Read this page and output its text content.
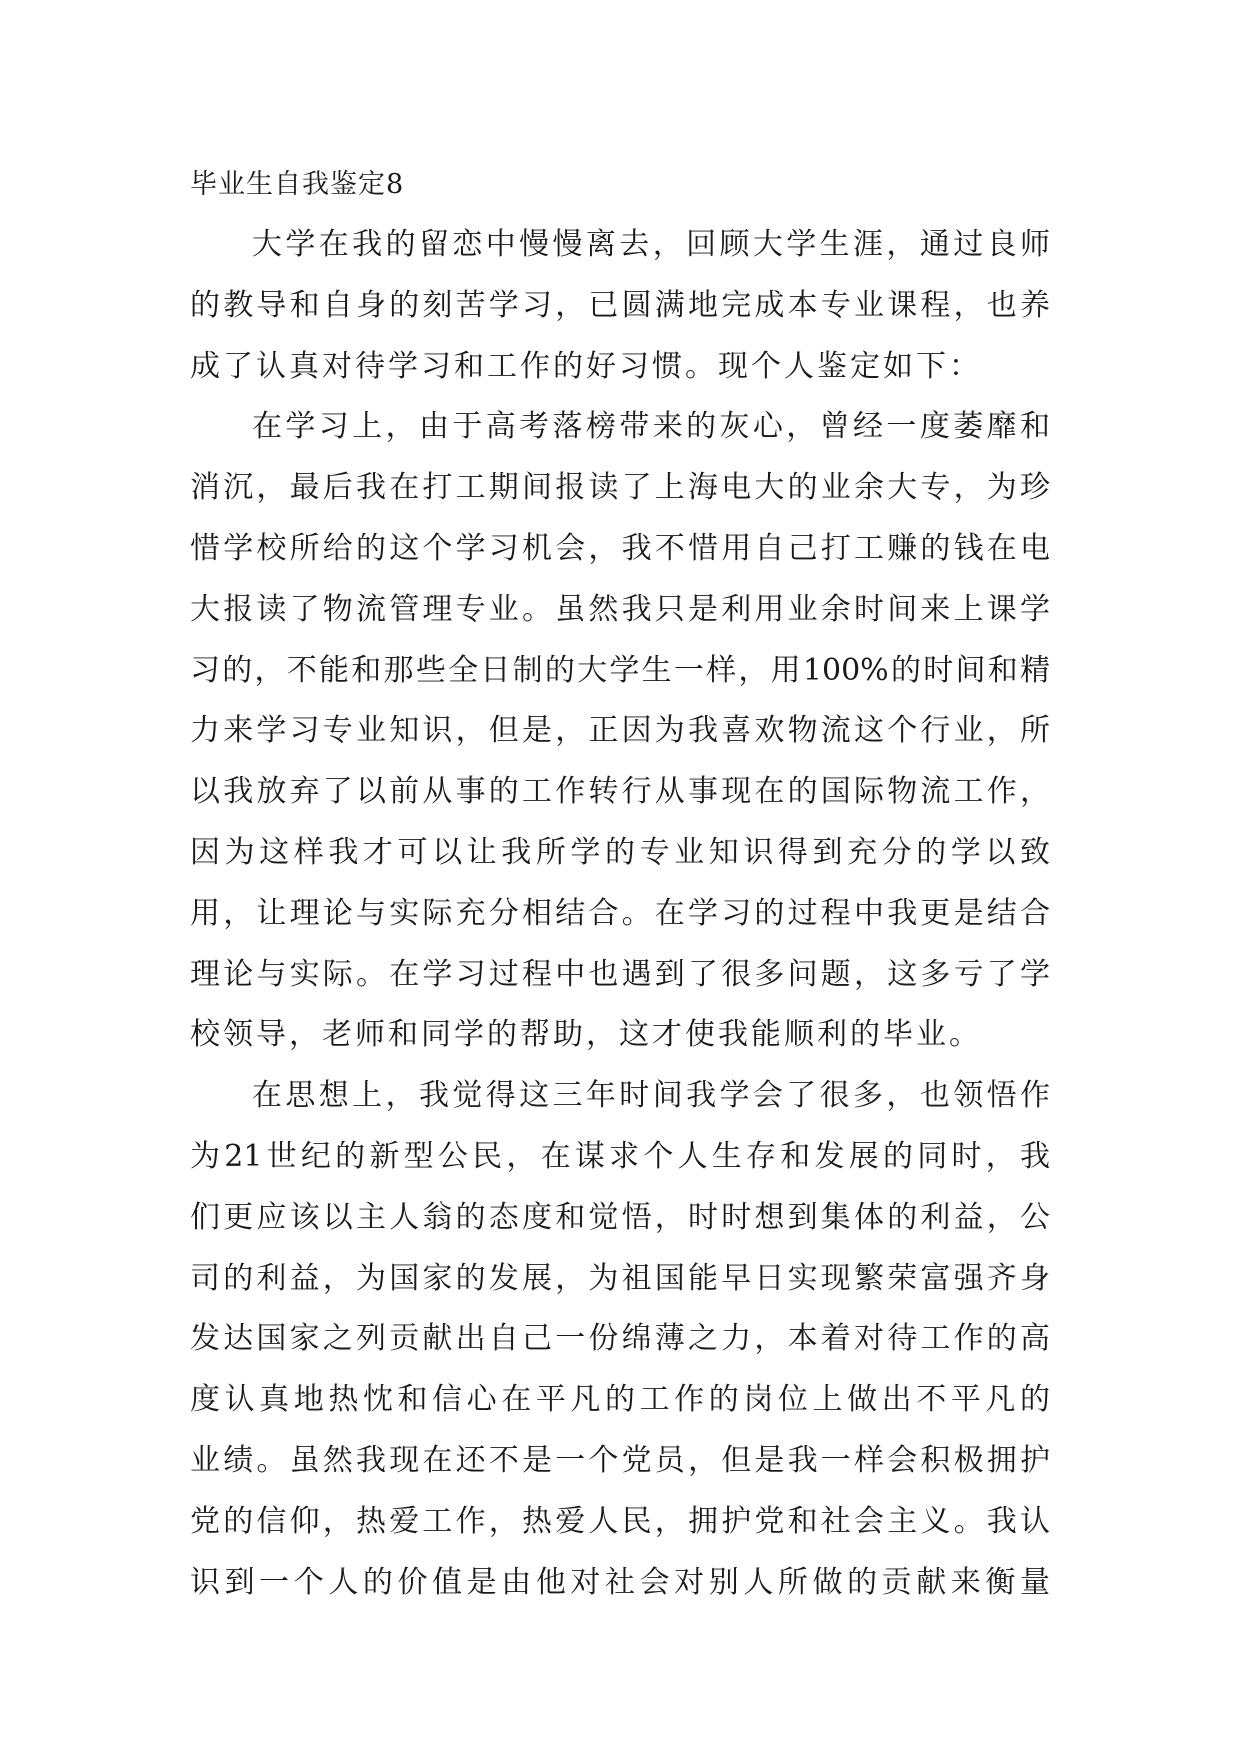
毕业生自我鉴定8

大学在我的留恋中慢慢离去，回顾大学生涯，通过良师

的教导和自身的刻苦学习，已圆满地完成本专业课程，也养

成了认真对待学习和工作的好习惯。现个人鉴定如下：

在学习上，由于高考落榜带来的灰心，曾经一度萎靡和

消沉，最后我在打工期间报读了上海电大的业余大专，为珍

惜学校所给的这个学习机会，我不惜用自己打工赚的钱在电

大报读了物流管理专业。虽然我只是利用业余时间来上课学

习的，不能和那些全日制的大学生一样，用100%的时间和精

力来学习专业知识，但是，正因为我喜欢物流这个行业，所

以我放弃了以前从事的工作转行从事现在的国际物流工作，

因为这样我才可以让我所学的专业知识得到充分的学以致

用，让理论与实际充分相结合。在学习的过程中我更是结合

理论与实际。在学习过程中也遇到了很多问题，这多亏了学

校领导，老师和同学的帮助，这才使我能顺利的毕业。

在思想上，我觉得这三年时间我学会了很多，也领悟作

为21世纪的新型公民，在谋求个人生存和发展的同时，我

们更应该以主人翁的态度和觉悟，时时想到集体的利益，公

司的利益，为国家的发展，为祖国能早日实现繁荣富强齐身

发达国家之列贡献出自己一份绵薄之力，本着对待工作的高

度认真地热忱和信心在平凡的工作的岗位上做出不平凡的

业绩。虽然我现在还不是一个党员，但是我一样会积极拥护

党的信仰，热爱工作，热爱人民，拥护党和社会主义。我认

识到一个人的价值是由他对社会对别人所做的贡献来衡量
